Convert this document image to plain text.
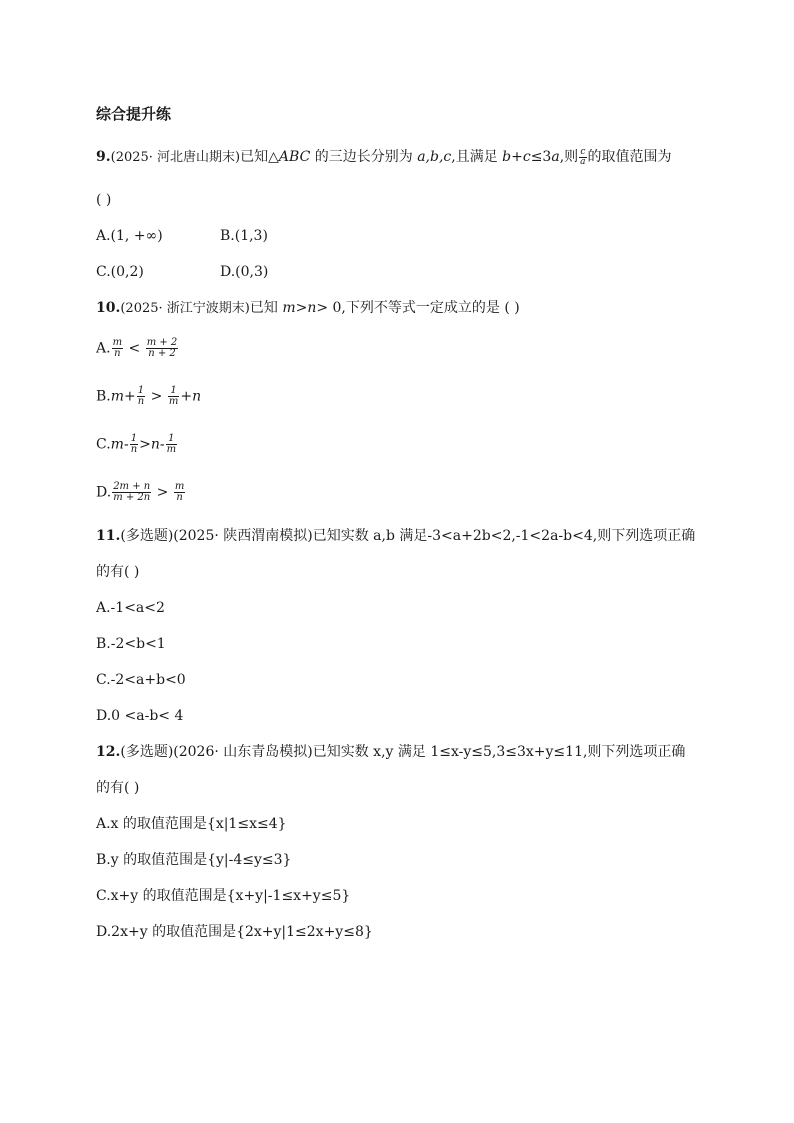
综合提升练
9.(2025· 河北唐山期末)已知△ABC 的三边长分别为 a,b,c,且满足 b+c≤3a,则 $\frac{c}{a}$ 的取值范围为
( )
A.(1, +∞)	B.(1,3)
C.(0,2)	D.(0,3)
10.(2025· 浙江宁波期末)已知 m>n> 0,下列不等式一定成立的是 ( )
A. $\frac{m}{n} < \frac{m + 2}{n + 2}$
$B.m+ \frac{1}{n} > \frac{1}{m} +n$
$C.m- \frac{1}{n} >n- \frac{1}{m}$
D. $\frac{2m + n}{m + 2n} > \frac{m}{n}$
11.(多选题)(2025· 陕西渭南模拟)已知实数 a,b 满足-3<a+2b<2,-1<2a-b<4,则下列选项正确
的有( )
A.-1<a<2
B.-2<b<1
C.-2<a+b<0
D.0 <a-b< 4
12.(多选题)(2026· 山东青岛模拟)已知实数 x,y 满足 1≤x-y≤5,3≤3x+y≤11,则下列选项正确
的有( )
A.x 的取值范围是{x|1≤x≤4}
B.y 的取值范围是{y|-4≤y≤3}
C.x+y 的取值范围是{x+y|-1≤x+y≤5}
D.2x+y 的取值范围是{2x+y|1≤2x+y≤8}
